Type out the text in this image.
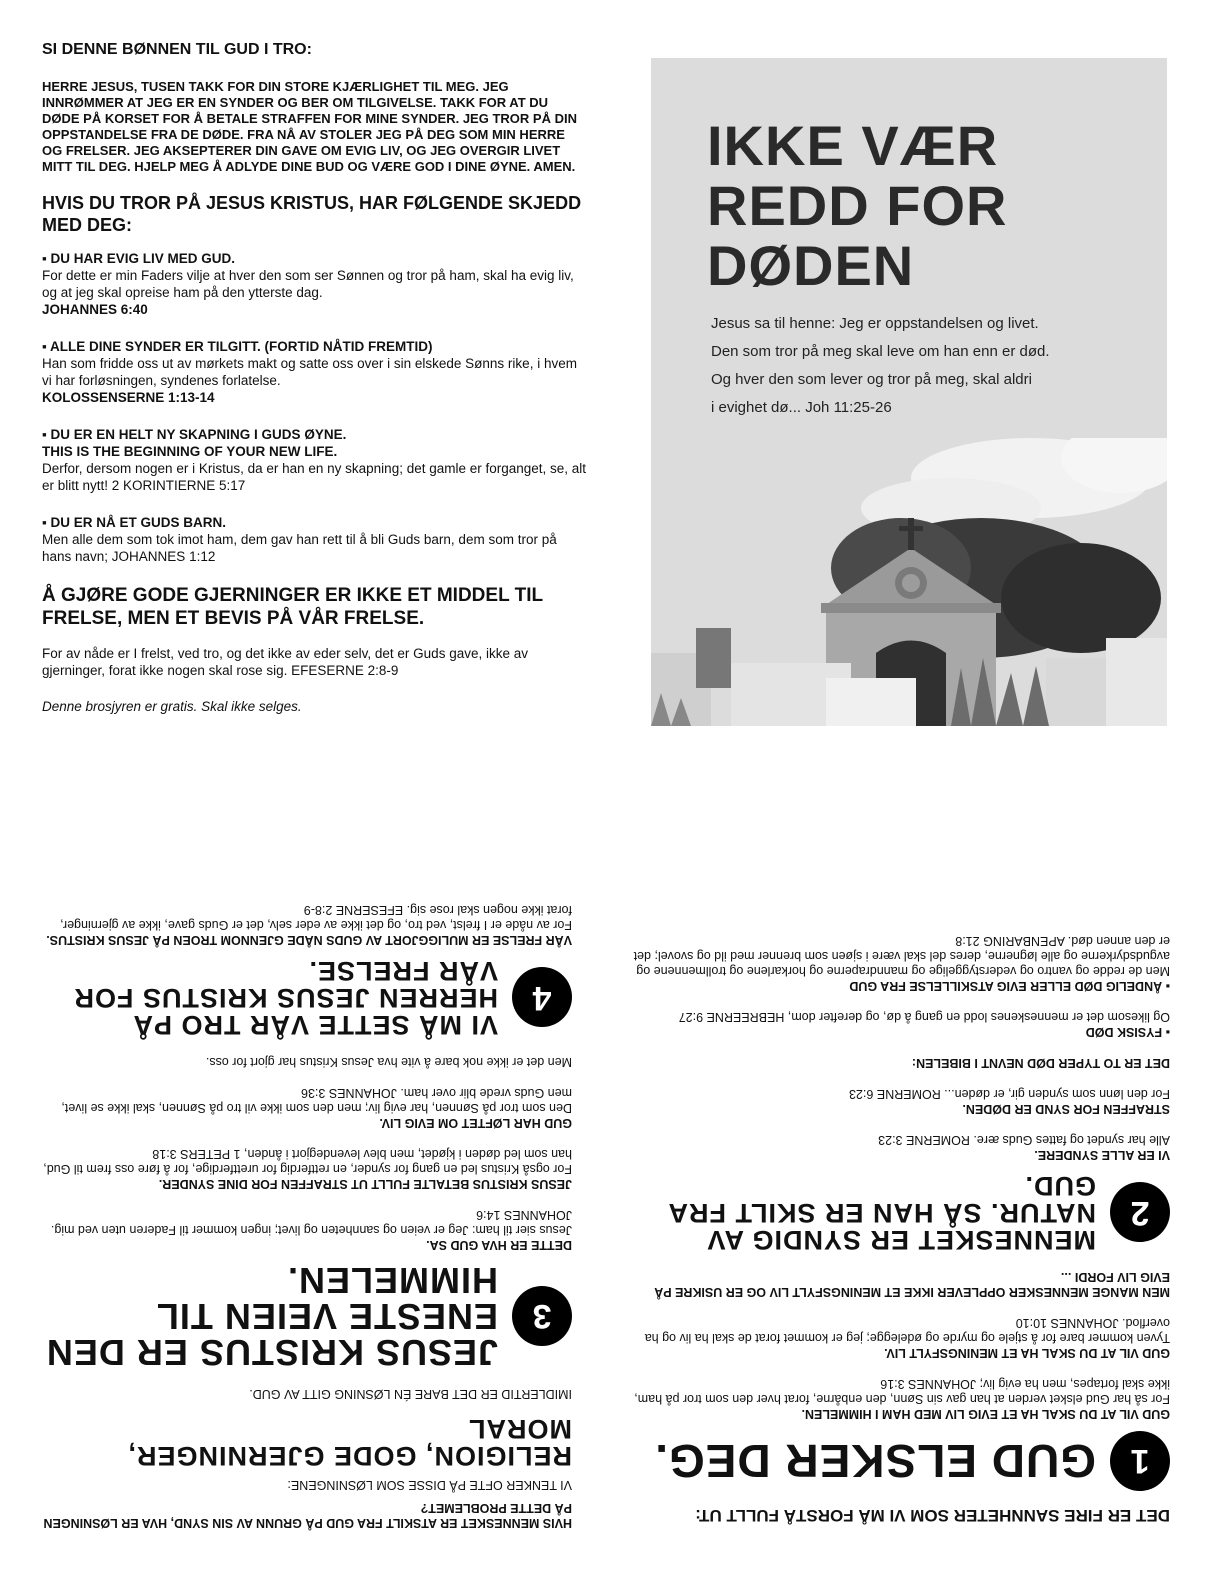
SI DENNE BØNNEN TIL GUD I TRO:
HERRE JESUS, TUSEN TAKK FOR DIN STORE KJÆRLIGHET TIL MEG. JEG INNRØMMER AT JEG ER EN SYNDER OG BER OM TILGIVELSE. TAKK FOR AT DU DØDE PÅ KORSET FOR Å BETALE STRAFFEN FOR MINE SYNDER. JEG TROR PÅ DIN OPPSTANDELSE FRA DE DØDE. FRA NÅ AV STOLER JEG PÅ DEG SOM MIN HERRE OG FRELSER. JEG AKSEPTERER DIN GAVE OM EVIG LIV, OG JEG OVERGIR LIVET MITT TIL DEG. HJELP MEG Å ADLYDE DINE BUD OG VÆRE GOD I DINE ØYNE. AMEN.
HVIS DU TROR PÅ JESUS KRISTUS, HAR FØLGENDE SKJEDD MED DEG:
▪ DU HAR EVIG LIV MED GUD.
For dette er min Faders vilje at hver den som ser Sønnen og tror på ham, skal ha evig liv, og at jeg skal opreise ham på den ytterste dag.
JOHANNES 6:40
▪ ALLE DINE SYNDER ER TILGITT. (FORTID NÅTID FREMTID)
Han som fridde oss ut av mørkets makt og satte oss over i sin elskede Sønns rike, i hvem vi har forløsningen, syndenes forlatelse.
KOLOSSENSERNE 1:13-14
▪ DU ER EN HELT NY SKAPNING I GUDS ØYNE.
THIS IS THE BEGINNING OF YOUR NEW LIFE.
Derfor, dersom nogen er i Kristus, da er han en ny skapning; det gamle er forganget, se, alt er blitt nytt! 2 KORINTIERNE 5:17
▪ DU ER NÅ ET GUDS BARN.
Men alle dem som tok imot ham, dem gav han rett til å bli Guds barn, dem som tror på hans navn; JOHANNES 1:12
Å GJØRE GODE GJERNINGER ER IKKE ET MIDDEL TIL FRELSE, MEN ET BEVIS PÅ VÅR FRELSE.
For av nåde er I frelst, ved tro, og det ikke av eder selv, det er Guds gave, ikke av gjerninger, forat ikke nogen skal rose sig. EFESERNE 2:8-9
Denne brosjyren er gratis. Skal ikke selges.
IKKE VÆR
REDD FOR
DØDEN
Jesus sa til henne: Jeg er oppstandelsen og livet.
Den som tror på meg skal leve om han enn er død.
Og hver den som lever og tror på meg, skal aldri
i evighet dø... Joh 11:25-26
DET ER FIRE SANNHETER SOM VI MÅ FORSTÅ FULLT UT:
1
GUD ELSKER DEG.
GUD VIL AT DU SKAL HA ET EVIG LIV MED HAM I HIMMELEN.
For så har Gud elsket verden at han gav sin Sønn, den enbårne, forat hver den som tror på ham, ikke skal fortapes, men ha evig liv; JOHANNES 3:16
GUD VIL AT DU SKAL HA ET MENINGSFYLT LIV.
Tyven kommer bare for å stjele og myrde og ødelegge; jeg er kommet forat de skal ha liv og ha overflod. JOHANNES 10:10
MEN MANGE MENNESKER OPPLEVER IKKE ET MENINGSFYLT LIV OG ER USIKRE PÅ EVIG LIV FORDI ...
2
MENNESKET ER SYNDIG AV NATUR. SÅ HAN ER SKILT FRA GUD.
VI ER ALLE SYNDERE.
Alle har syndet og fattes Guds ære. ROMERNE 3:23
STRAFFEN FOR SYND ER DØDEN.
For den lønn som synden gir, er døden... ROMERNE 6:23
DET ER TO TYPER DØD NEVNT I BIBELEN:
▪ FYSISK DØD
Og likesom det er menneskenes lodd en gang å dø, og derefter dom, HEBREERNE 9:27
▪ ÅNDELIG DØD ELLER EVIG ATSKILLELSE FRA GUD
Men de redde og vantro og vederstyggelige og manndraperne og horkarlene og trollmennene og avgudsdyrkerne og alle løgnerne, deres del skal være i sjøen som brenner med ild og svovel; det er den annen død. APENBARING 21:8
HVIS MENNESKET ER ATSKILT FRA GUD PÅ GRUNN AV SIN SYND, HVA ER LØSNINGEN PÅ DETTE PROBLEMET?
VI TENKER OFTE PÅ DISSE SOM LØSNINGENE:
RELIGION, GODE GJERNINGER, MORAL
IMIDLERTID ER DET BARE ÉN LØSNING GITT AV GUD.
3
JESUS KRISTUS ER DEN ENESTE VEIEN TIL HIMMELEN.
DETTE ER HVA GUD SA.
Jesus sier til ham: Jeg er veien og sannheten og livet; ingen kommer til Faderen uten ved mig. JOHANNES 14:6
JESUS KRISTUS BETALTE FULLT UT STRAFFEN FOR DINE SYNDER.
For også Kristus led en gang for synder, en rettferdig for urettferdige, for å føre oss frem til Gud, han som led døden i kjødet, men blev levendegjort i ånden, 1 PETERS 3:18
GUD HAR LØFTET OM EVIG LIV.
Den som tror på Sønnen, har evig liv; men den som ikke vil tro på Sønnen, skal ikke se livet, men Guds vrede blir over ham. JOHANNES 3:36
Men det er ikke nok bare å vite hva Jesus Kristus har gjort for oss.
4
VI MÅ SETTE VÅR TRO PÅ HERREN JESUS KRISTUS FOR VÅR FRELSE.
VÅR FRELSE ER MULIGGJORT AV GUDS NÅDE GJENNOM TROEN PÅ JESUS KRISTUS.
For av nåde er I frelst, ved tro, og det ikke av eder selv, det er Guds gave, ikke av gjerninger, forat ikke nogen skal rose sig. EFESERNE 2:8-9
